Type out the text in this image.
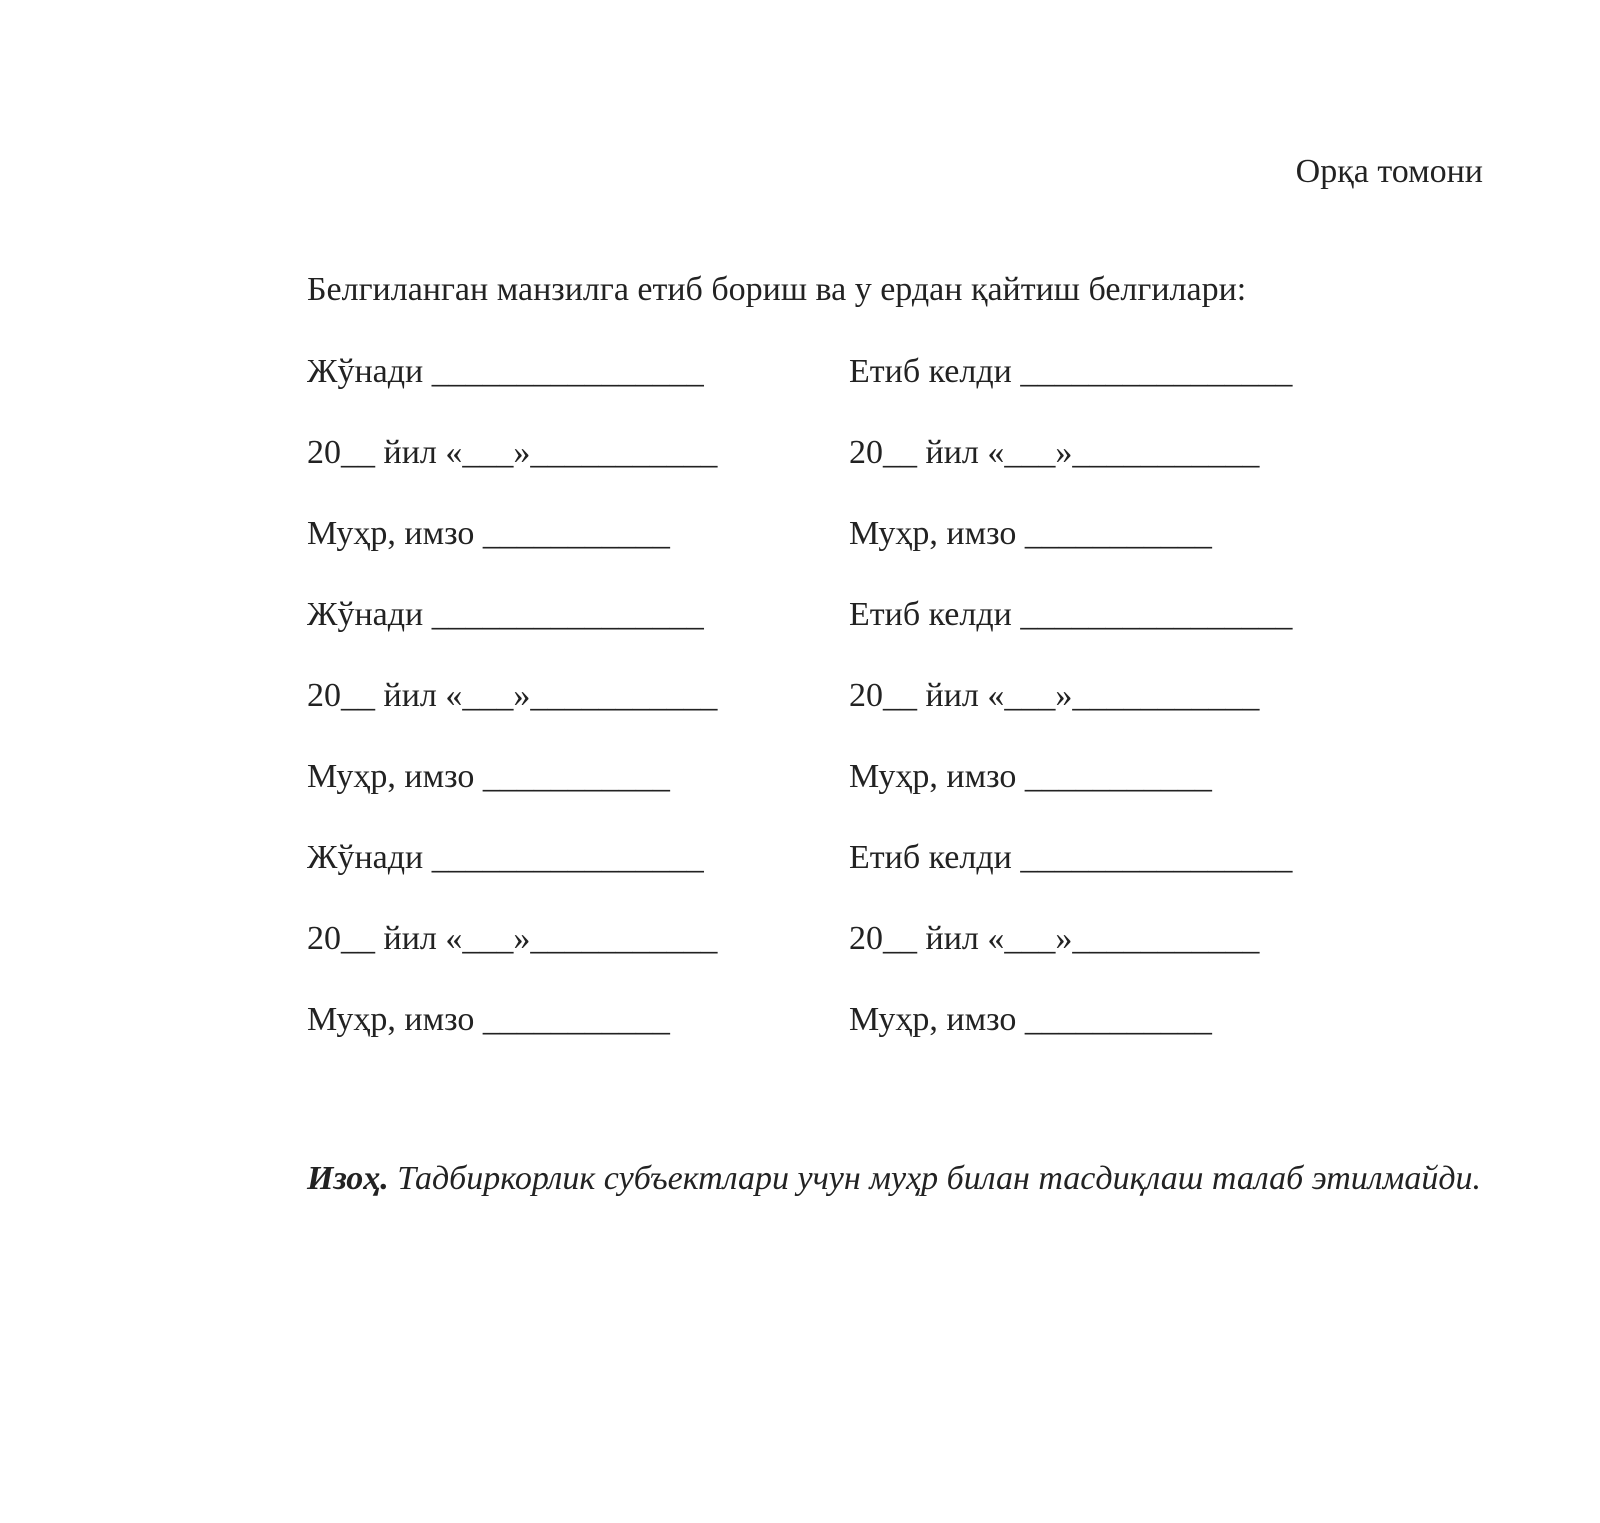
Орқа томони
Белгиланган манзилга етиб бориш ва у ердан қайтиш белгилари:
Жўнади ________________	Етиб келди ________________
20__ йил «___»___________	20__ йил «___»___________
Муҳр, имзо ___________	Муҳр, имзо ___________
Жўнади ________________	Етиб келди ________________
20__ йил «___»___________	20__ йил «___»___________
Муҳр, имзо ___________	Муҳр, имзо ___________
Жўнади ________________	Етиб келди ________________
20__ йил «___»___________	20__ йил «___»___________
Муҳр, имзо ___________	Муҳр, имзо ___________

Изоҳ. Тадбиркорлик субъектлари учун муҳр билан тасдиқлаш талаб этилмайди.
